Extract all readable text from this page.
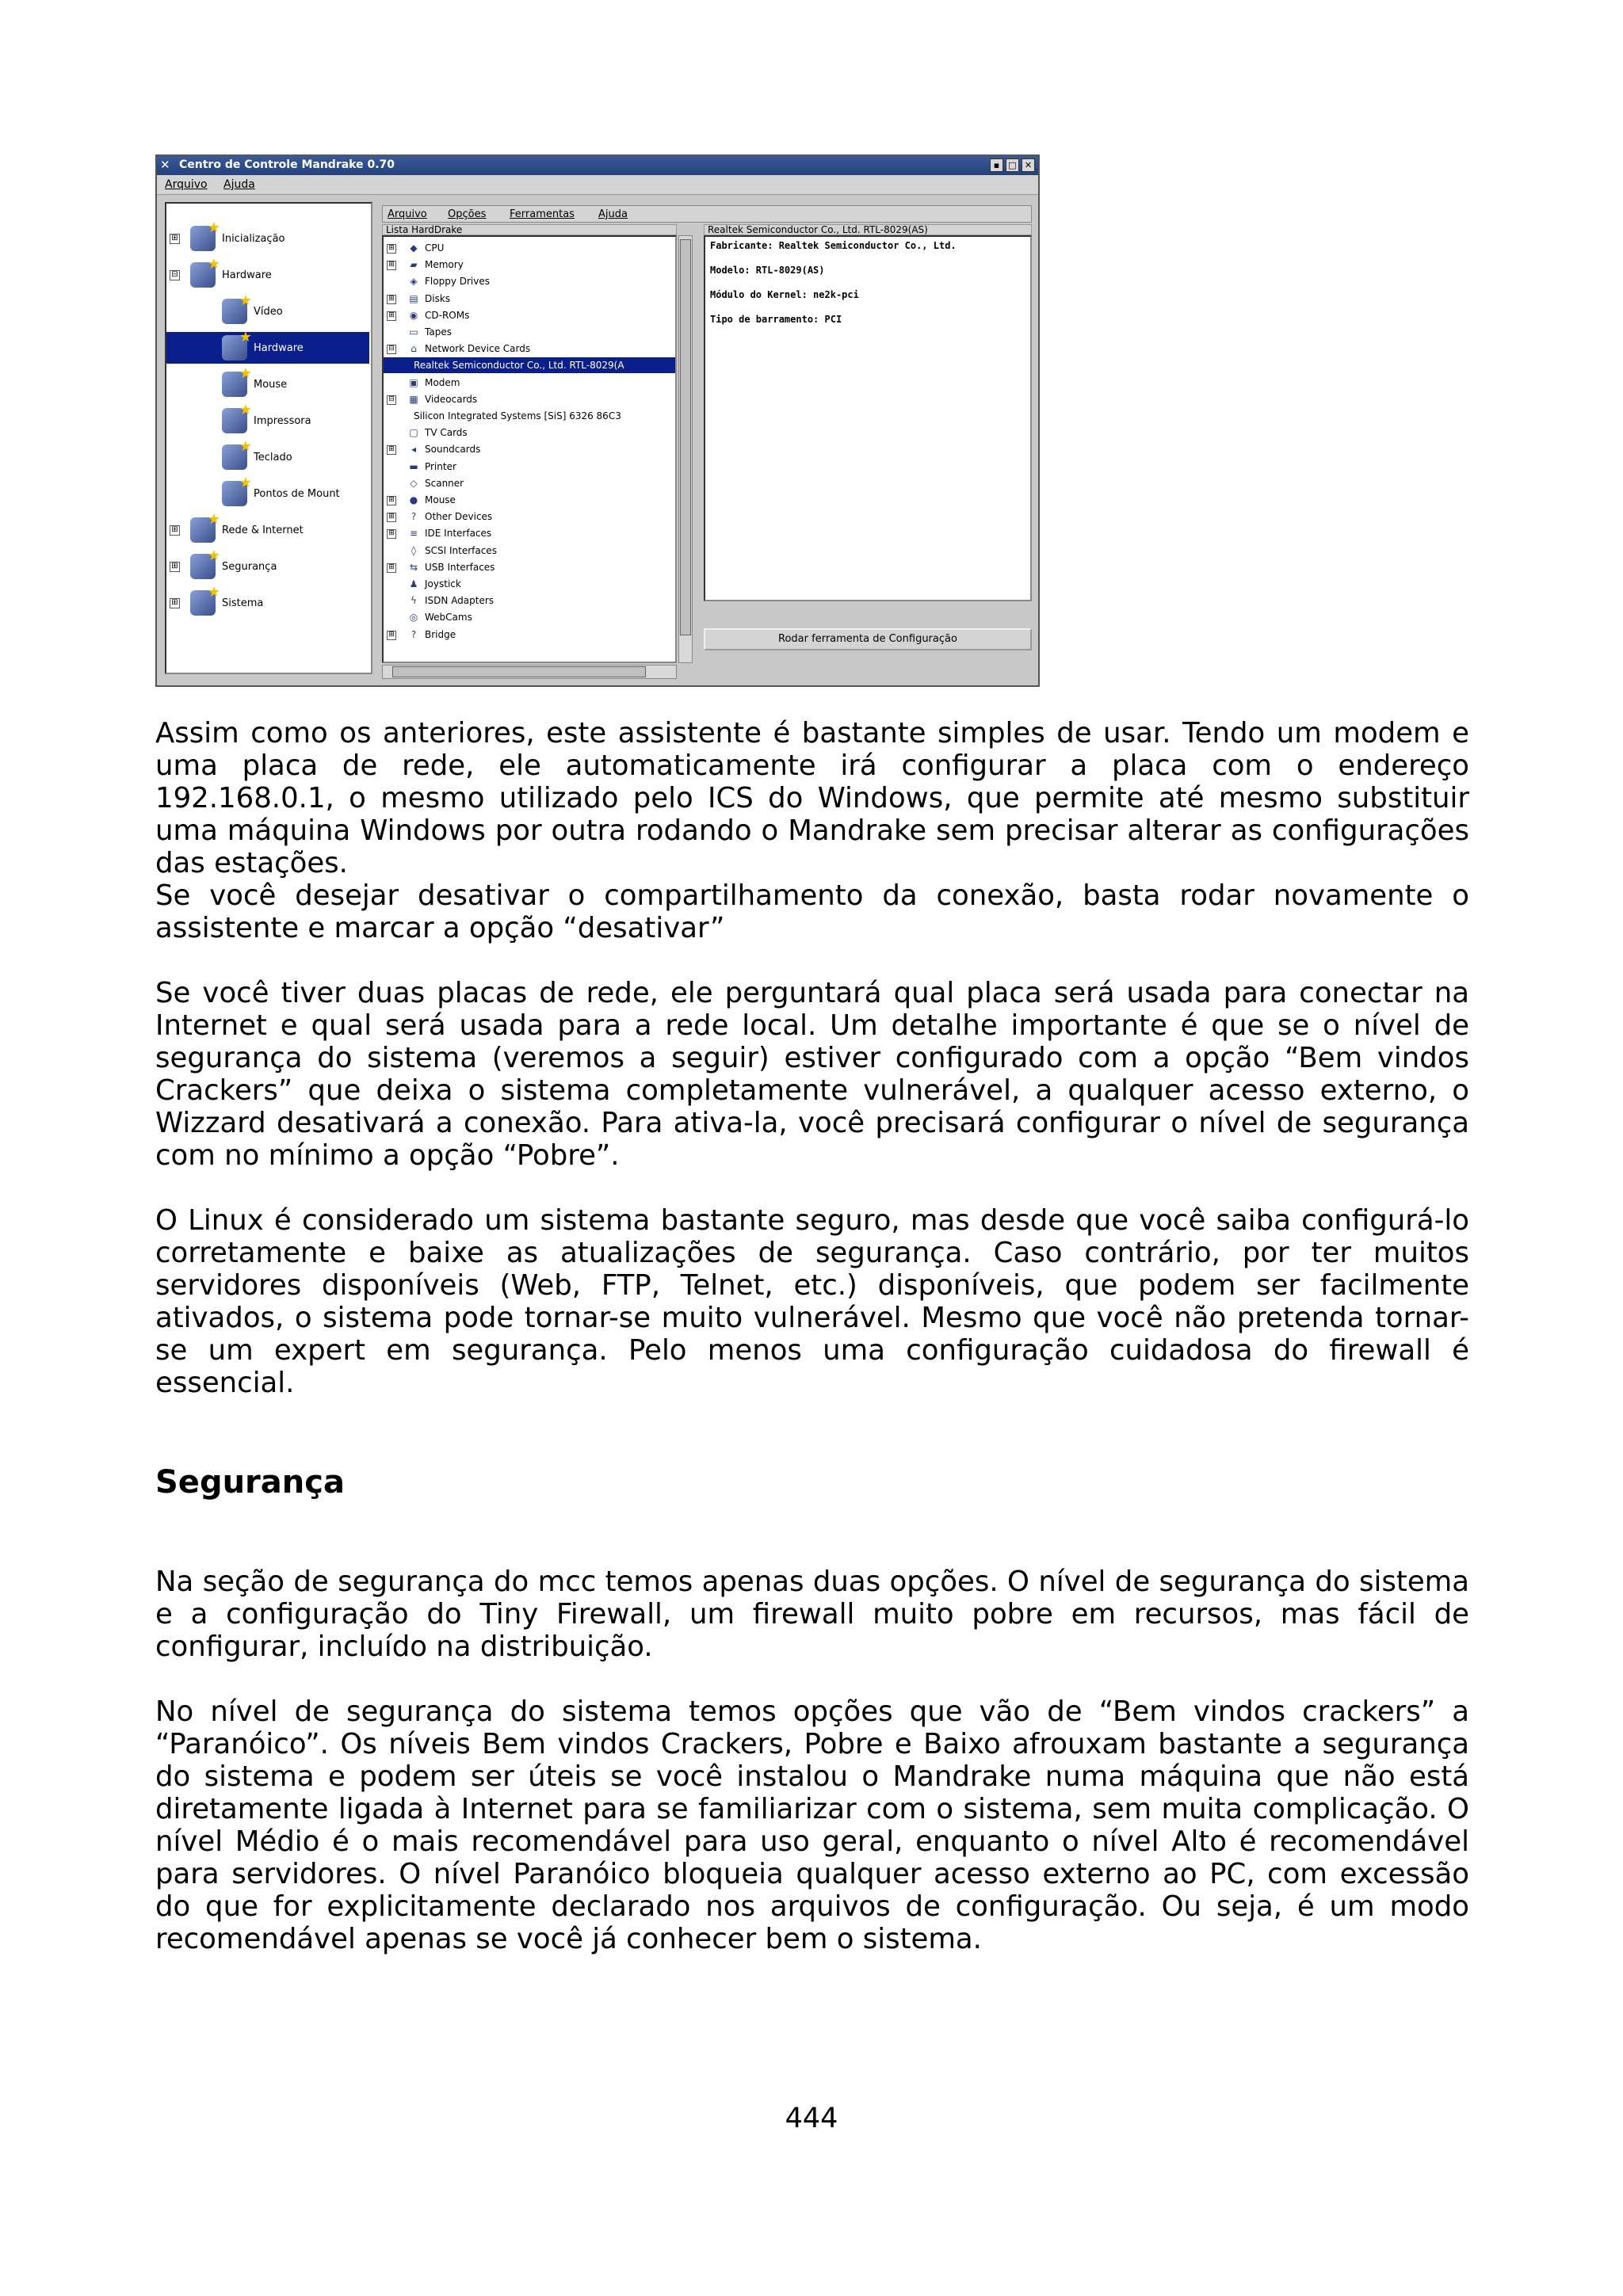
✕ Centro de Controle Mandrake 0.70	▪	□ ✕
Arquivo Ajuda
⊞ ★	Inicialização
⊟ ★	Hardware
★
Vídeo
★
Hardware
★
Mouse
★
Impressora
★
Teclado
★
Pontos de Mount
⊞ ★	Rede & Internet
⊞ ★	Segurança
⊞ ★	Sistema
Arquivo Opções Ferramentas Ajuda
Lista HardDrake
⊞ ◆ CPU
⊞ ▰ Memory
◈ Floppy Drives
⊞ ▤ Disks
⊞ ◉ CD-ROMs
▭ Tapes
⊟	⌂ Network Device Cards
Realtek Semiconductor Co., Ltd. RTL-8029(A
▣ Modem
⊟ ▦ Videocards
Silicon Integrated Systems [SiS] 6326 86C3
▢ TV Cards
⊞	◂ Soundcards
▬ Printer
◇ Scanner
⊞ ● Mouse
⊞	? Other Devices
⊞ ≡ IDE Interfaces
◊ SCSI Interfaces
⊞ ⇆ USB Interfaces
♟ Joystick
ϟ ISDN Adapters
◎ WebCams
⊞	? Bridge
Realtek Semiconductor Co., Ltd. RTL-8029(AS)
Fabricante: Realtek Semiconductor Co., Ltd.
Modelo: RTL-8029(AS)
Módulo do Kernel: ne2k-pci
Tipo de barramento: PCI
Rodar ferramenta de Configuração
Assim como os anteriores, este assistente é bastante simples de usar. Tendo um modem e uma placa de rede, ele automaticamente irá configurar a placa com o endereço 192.168.0.1, o mesmo utilizado pelo ICS do Windows, que permite até mesmo substituir uma máquina Windows por outra rodando o Mandrake sem precisar alterar as configurações das estações.
Se você desejar desativar o compartilhamento da conexão, basta rodar novamente o assistente e marcar a opção “desativar”
Se você tiver duas placas de rede, ele perguntará qual placa será usada para conectar na Internet e qual será usada para a rede local. Um detalhe importante é que se o nível de segurança do sistema (veremos a seguir) estiver configurado com a opção “Bem vindos Crackers” que deixa o sistema completamente vulnerável, a qualquer acesso externo, o Wizzard desativará a conexão. Para ativa-la, você precisará configurar o nível de segurança com no mínimo a opção “Pobre”.
O Linux é considerado um sistema bastante seguro, mas desde que você saiba configurá-lo corretamente e baixe as atualizações de segurança. Caso contrário, por ter muitos servidores disponíveis (Web, FTP, Telnet, etc.) disponíveis, que podem ser facilmente ativados, o sistema pode tornar-se muito vulnerável. Mesmo que você não pretenda tornar-se um expert em segurança. Pelo menos uma configuração cuidadosa do firewall é essencial.
Segurança
Na seção de segurança do mcc temos apenas duas opções. O nível de segurança do sistema e a configuração do Tiny Firewall, um firewall muito pobre em recursos, mas fácil de configurar, incluído na distribuição.
No nível de segurança do sistema temos opções que vão de “Bem vindos crackers” a “Paranóico”. Os níveis Bem vindos Crackers, Pobre e Baixo afrouxam bastante a segurança do sistema e podem ser úteis se você instalou o Mandrake numa máquina que não está diretamente ligada à Internet para se familiarizar com o sistema, sem muita complicação. O nível Médio é o mais recomendável para uso geral, enquanto o nível Alto é recomendável para servidores. O nível Paranóico bloqueia qualquer acesso externo ao PC, com excessão do que for explicitamente declarado nos arquivos de configuração. Ou seja, é um modo recomendável apenas se você já conhecer bem o sistema.
444
